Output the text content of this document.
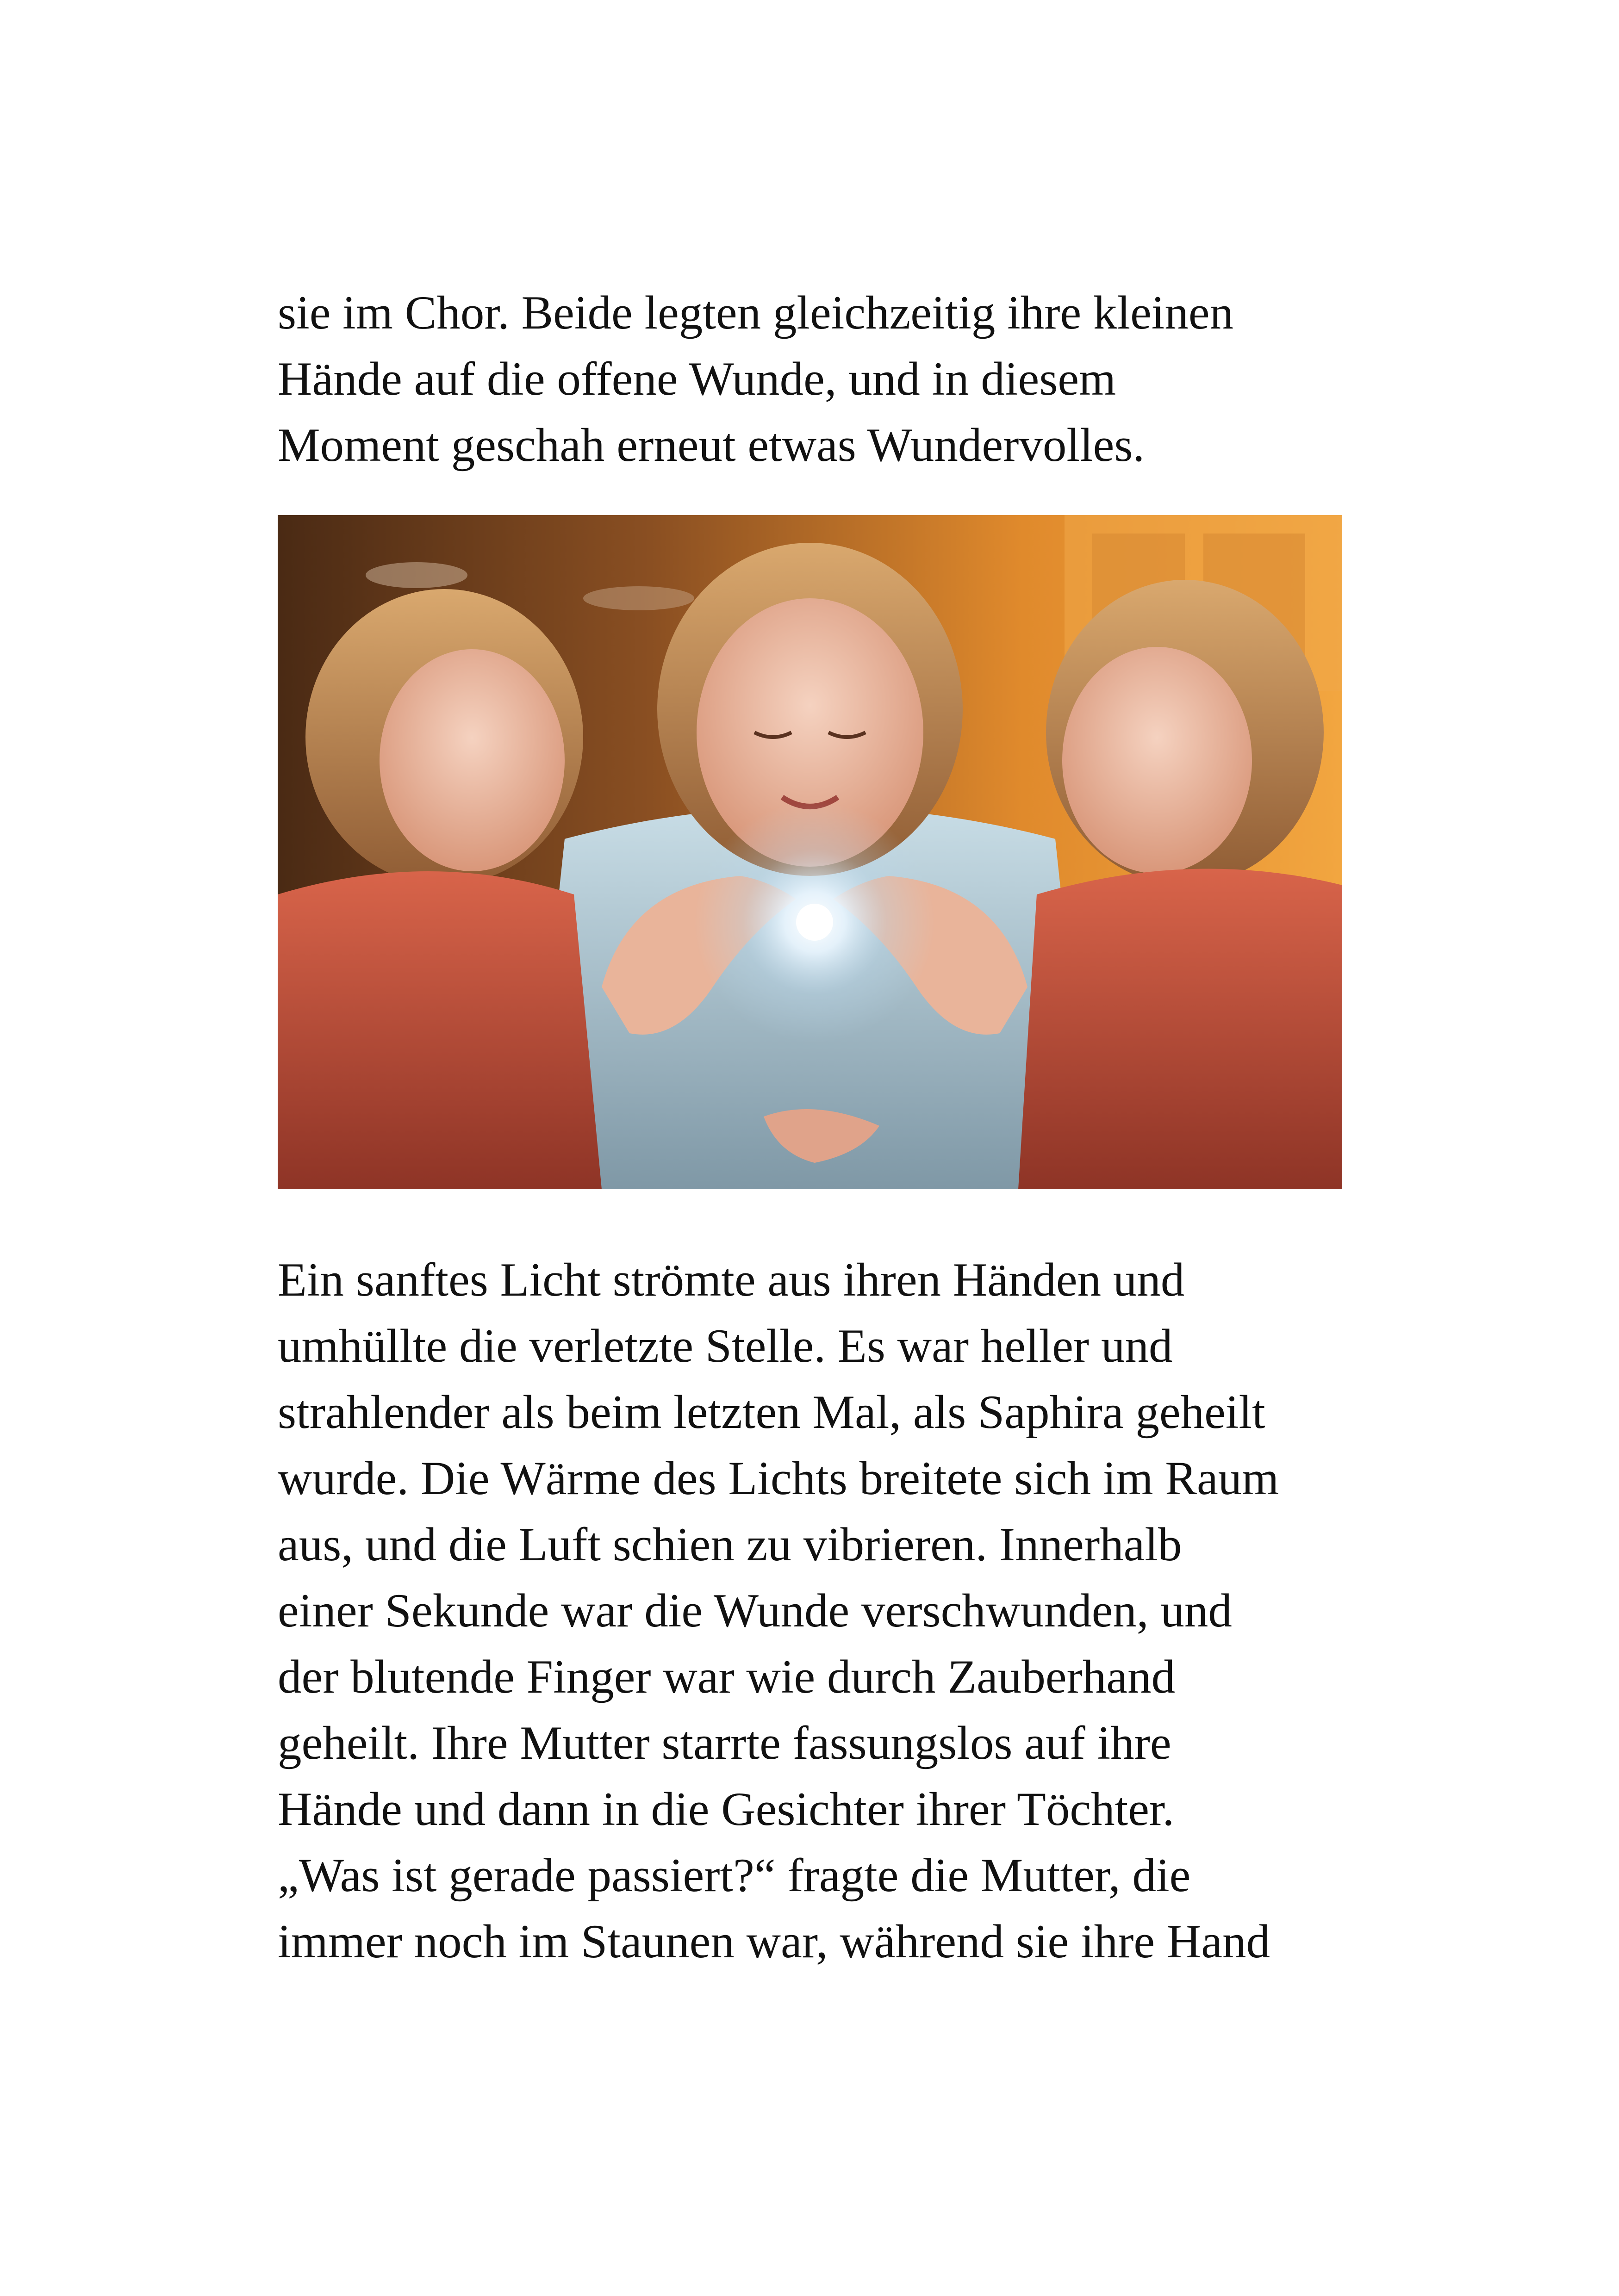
sie im Chor. Beide legten gleichzeitig ihre kleinen
Hände auf die offene Wunde, und in diesem
Moment geschah erneut etwas Wundervolles.
Ein sanftes Licht strömte aus ihren Händen und
umhüllte die verletzte Stelle. Es war heller und
strahlender als beim letzten Mal, als Saphira geheilt
wurde. Die Wärme des Lichts breitete sich im Raum
aus, und die Luft schien zu vibrieren. Innerhalb
einer Sekunde war die Wunde verschwunden, und
der blutende Finger war wie durch Zauberhand
geheilt. Ihre Mutter starrte fassungslos auf ihre
Hände und dann in die Gesichter ihrer Töchter.
„Was ist gerade passiert?“ fragte die Mutter, die
immer noch im Staunen war, während sie ihre Hand
